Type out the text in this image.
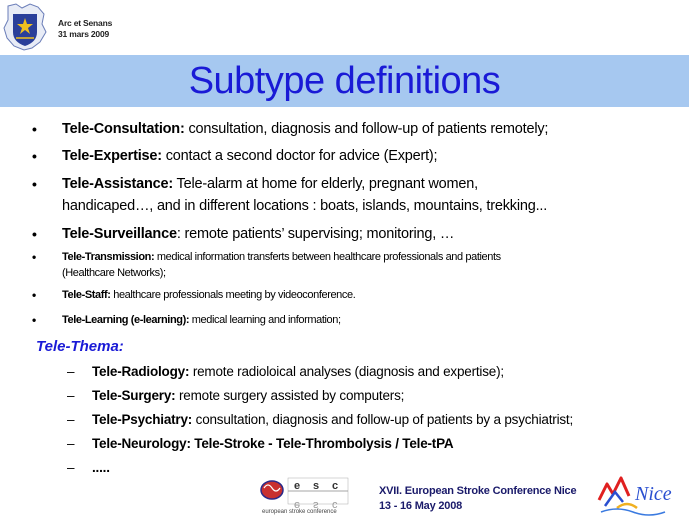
Arc et Senans
31 mars 2009
Subtype definitions
• Tele-Consultation: consultation, diagnosis and follow-up of patients remotely;
• Tele-Expertise: contact a second doctor for advice (Expert);
• Tele-Assistance: Tele-alarm at home for elderly, pregnant women,
handicaped…, and in different locations : boats, islands, mountains, trekking...
• Tele-Surveillance: remote patients’ supervising; monitoring, …
• Tele-Transmission: medical information transferts between healthcare professionals and patients
(Healthcare Networks);
• Tele-Staff: healthcare professionals meeting by videoconference.
• Tele-Learning (e-learning): medical learning and information;
Tele-Thema:
– Tele-Radiology: remote radioloical analyses (diagnosis and expertise);
– Tele-Surgery: remote surgery assisted by computers;
– Tele-Psychiatry: consultation, diagnosis and follow-up of patients by a psychiatrist;
– Tele-Neurology: Tele-Stroke - Tele-Thrombolysis / Tele-tPA
– .....
e s c
e s c
european stroke conference
XVII. European Stroke Conference Nice
13 - 16 May 2008
Nice
